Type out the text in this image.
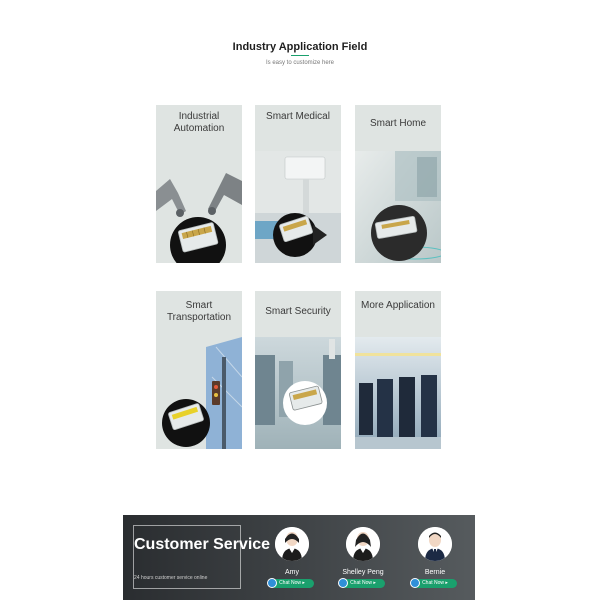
Industry Application Field

Is easy to customize here

Industrial Automation
Smart Medical
Smart Home
Smart Transportation
Smart Security
More Application
Customer Service
24 hours customer service online
Amy
Chat Now ▸
Shelley Peng
Chat Now ▸
Bernie
Chat Now ▸
